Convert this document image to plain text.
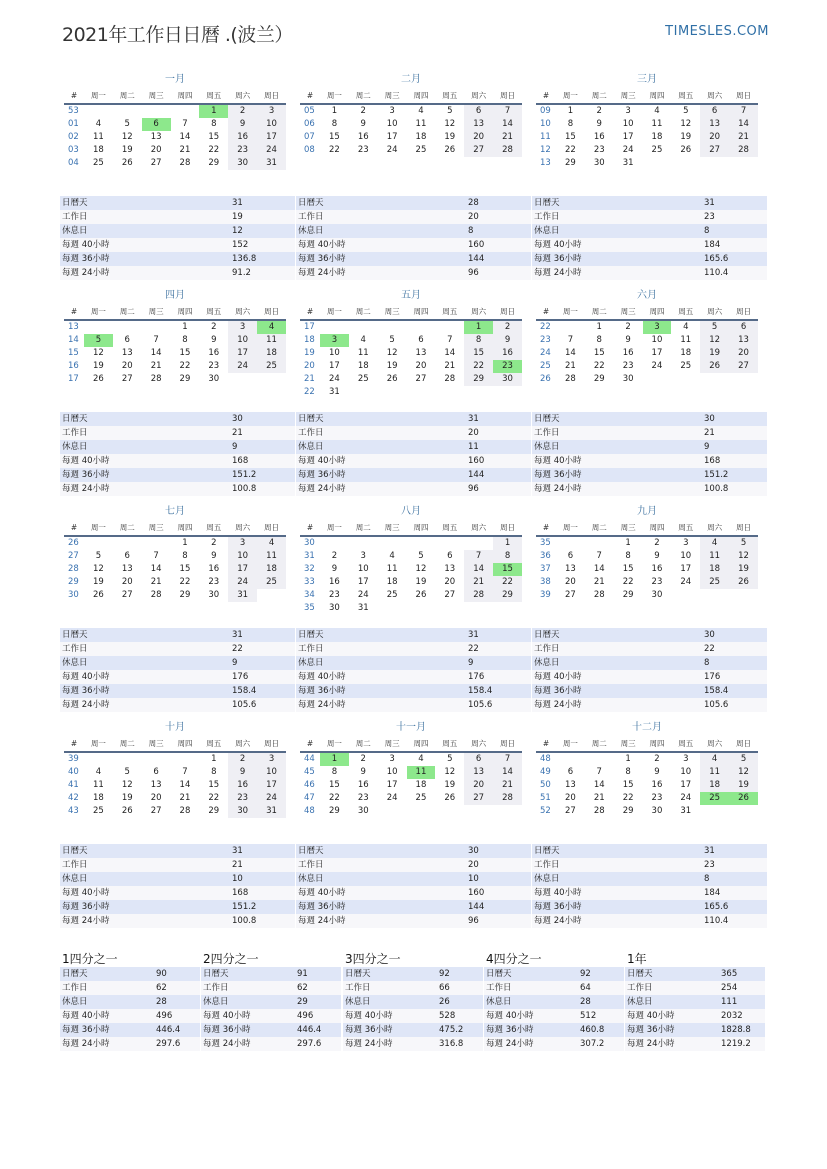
2021年工作日日曆 .(波兰）	TIMESLES.COM
一月
#	周一	周二	周三	周四	周五	周六	周日
53					1	2	3
01	4	5	6	7	8	9	10
02	11	12	13	14	15	16	17
03	18	19	20	21	22	23	24
04	25	26	27	28	29	30	31
日曆天	31
工作日	19
休息日	12
每週 40小時	152
每週 36小時	136.8
每週 24小時	91.2
二月
#	周一	周二	周三	周四	周五	周六	周日
05	1	2	3	4	5	6	7
06	8	9	10	11	12	13	14
07	15	16	17	18	19	20	21
08	22	23	24	25	26	27	28
日曆天	28
工作日	20
休息日	8
每週 40小時	160
每週 36小時	144
每週 24小時	96
三月
#	周一	周二	周三	周四	周五	周六	周日
09	1	2	3	4	5	6	7
10	8	9	10	11	12	13	14
11	15	16	17	18	19	20	21
12	22	23	24	25	26	27	28
13	29	30	31				
日曆天	31
工作日	23
休息日	8
每週 40小時	184
每週 36小時	165.6
每週 24小時	110.4
四月
#	周一	周二	周三	周四	周五	周六	周日
13				1	2	3	4
14	5	6	7	8	9	10	11
15	12	13	14	15	16	17	18
16	19	20	21	22	23	24	25
17	26	27	28	29	30		
日曆天	30
工作日	21
休息日	9
每週 40小時	168
每週 36小時	151.2
每週 24小時	100.8
五月
#	周一	周二	周三	周四	周五	周六	周日
17						1	2
18	3	4	5	6	7	8	9
19	10	11	12	13	14	15	16
20	17	18	19	20	21	22	23
21	24	25	26	27	28	29	30
22	31						
日曆天	31
工作日	20
休息日	11
每週 40小時	160
每週 36小時	144
每週 24小時	96
六月
#	周一	周二	周三	周四	周五	周六	周日
22		1	2	3	4	5	6
23	7	8	9	10	11	12	13
24	14	15	16	17	18	19	20
25	21	22	23	24	25	26	27
26	28	29	30				
日曆天	30
工作日	21
休息日	9
每週 40小時	168
每週 36小時	151.2
每週 24小時	100.8
七月
#	周一	周二	周三	周四	周五	周六	周日
26				1	2	3	4
27	5	6	7	8	9	10	11
28	12	13	14	15	16	17	18
29	19	20	21	22	23	24	25
30	26	27	28	29	30	31	
日曆天	31
工作日	22
休息日	9
每週 40小時	176
每週 36小時	158.4
每週 24小時	105.6
八月
#	周一	周二	周三	周四	周五	周六	周日
30							1
31	2	3	4	5	6	7	8
32	9	10	11	12	13	14	15
33	16	17	18	19	20	21	22
34	23	24	25	26	27	28	29
35	30	31					
日曆天	31
工作日	22
休息日	9
每週 40小時	176
每週 36小時	158.4
每週 24小時	105.6
九月
#	周一	周二	周三	周四	周五	周六	周日
35			1	2	3	4	5
36	6	7	8	9	10	11	12
37	13	14	15	16	17	18	19
38	20	21	22	23	24	25	26
39	27	28	29	30			
日曆天	30
工作日	22
休息日	8
每週 40小時	176
每週 36小時	158.4
每週 24小時	105.6
十月
#	周一	周二	周三	周四	周五	周六	周日
39					1	2	3
40	4	5	6	7	8	9	10
41	11	12	13	14	15	16	17
42	18	19	20	21	22	23	24
43	25	26	27	28	29	30	31
日曆天	31
工作日	21
休息日	10
每週 40小時	168
每週 36小時	151.2
每週 24小時	100.8
十一月
#	周一	周二	周三	周四	周五	周六	周日
44	1	2	3	4	5	6	7
45	8	9	10	11	12	13	14
46	15	16	17	18	19	20	21
47	22	23	24	25	26	27	28
48	29	30					
日曆天	30
工作日	20
休息日	10
每週 40小時	160
每週 36小時	144
每週 24小時	96
十二月
#	周一	周二	周三	周四	周五	周六	周日
48			1	2	3	4	5
49	6	7	8	9	10	11	12
50	13	14	15	16	17	18	19
51	20	21	22	23	24	25	26
52	27	28	29	30	31		
日曆天	31
工作日	23
休息日	8
每週 40小時	184
每週 36小時	165.6
每週 24小時	110.4
1四分之一
日曆天	90
工作日	62
休息日	28
每週 40小時	496
每週 36小時	446.4
每週 24小時	297.6
2四分之一
日曆天	91
工作日	62
休息日	29
每週 40小時	496
每週 36小時	446.4
每週 24小時	297.6
3四分之一
日曆天	92
工作日	66
休息日	26
每週 40小時	528
每週 36小時	475.2
每週 24小時	316.8
4四分之一
日曆天	92
工作日	64
休息日	28
每週 40小時	512
每週 36小時	460.8
每週 24小時	307.2
1年
日曆天	365
工作日	254
休息日	111
每週 40小時	2032
每週 36小時	1828.8
每週 24小時	1219.2
